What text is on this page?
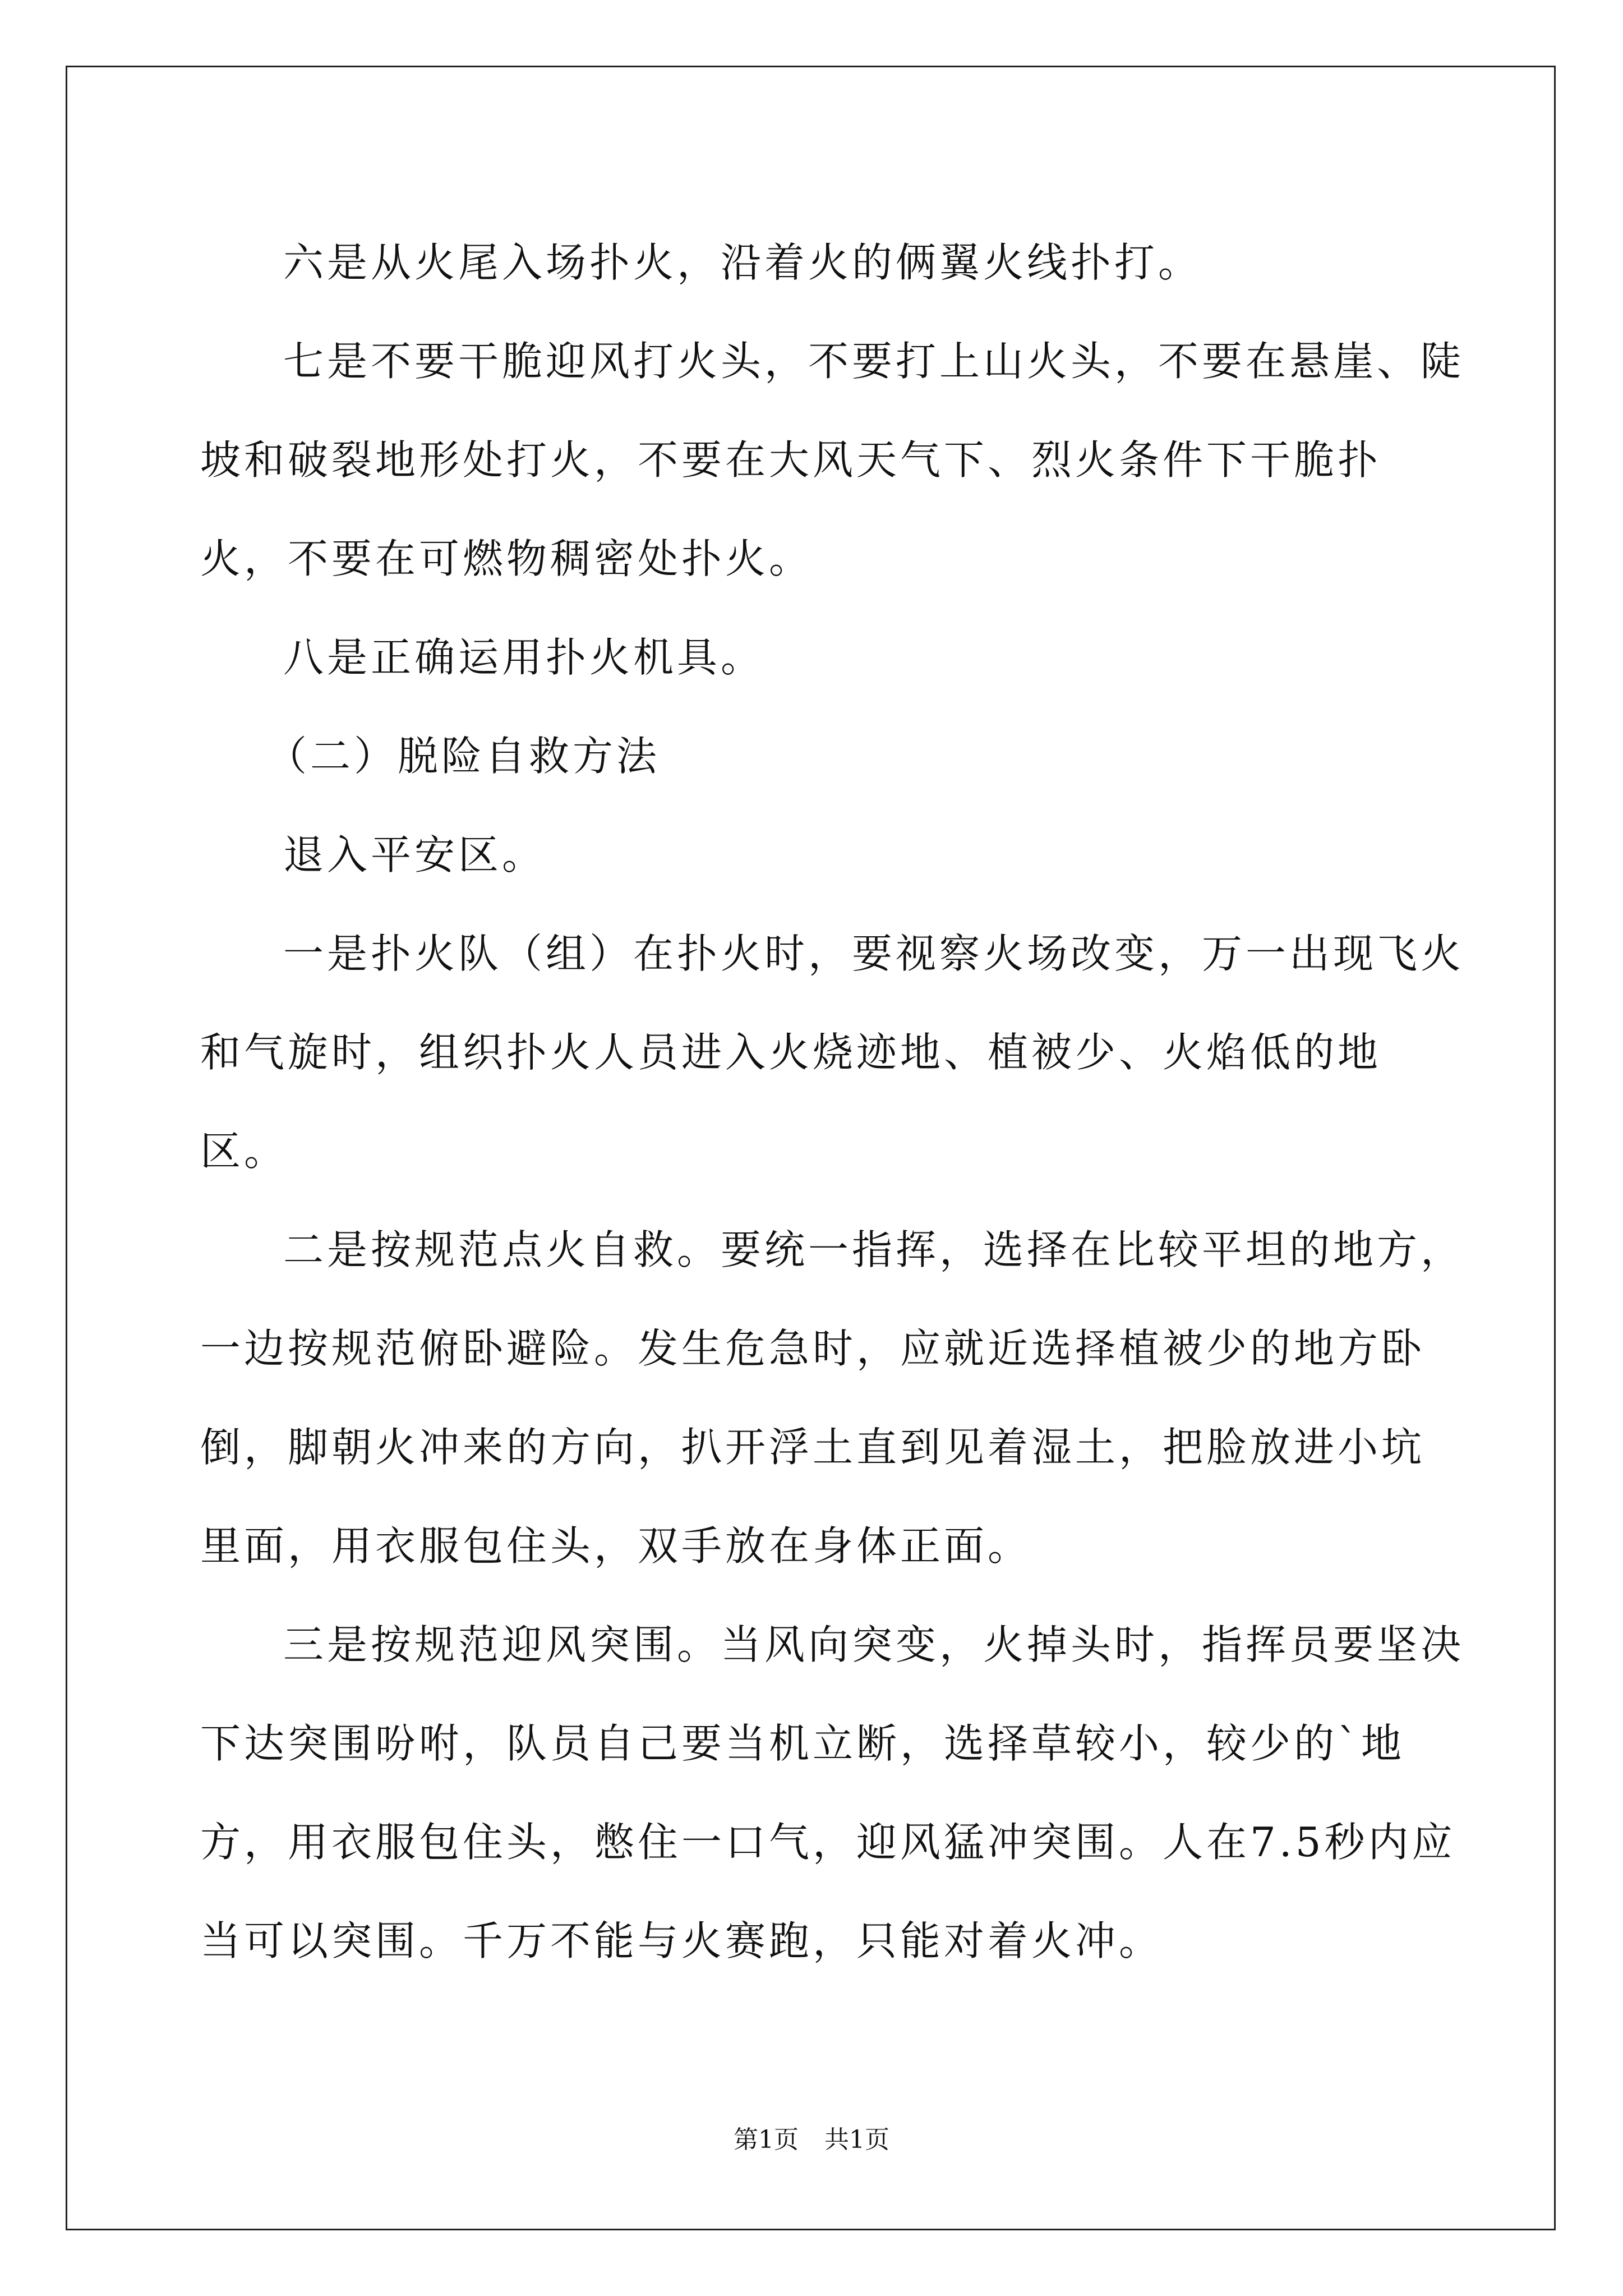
六是从火尾入场扑火，沿着火的俩翼火线扑打。

七是不要干脆迎风打火头，不要打上山火头，不要在悬崖、陡坡和破裂地形处打火，不要在大风天气下、烈火条件下干脆扑火，不要在可燃物稠密处扑火。

八是正确运用扑火机具。

（二）脱险自救方法

退入平安区。

一是扑火队（组）在扑火时，要视察火场改变，万一出现飞火和气旋时，组织扑火人员进入火烧迹地、植被少、火焰低的地区。

二是按规范点火自救。要统一指挥，选择在比较平坦的地方，一边按规范俯卧避险。发生危急时，应就近选择植被少的地方卧倒，脚朝火冲来的方向，扒开浮土直到见着湿土，把脸放进小坑里面，用衣服包住头，双手放在身体正面。

三是按规范迎风突围。当风向突变，火掉头时，指挥员要坚决下达突围吩咐，队员自己要当机立断，选择草较小，较少的`地方，用衣服包住头，憋住一口气，迎风猛冲突围。人在7.5秒内应当可以突围。千万不能与火赛跑，只能对着火冲。

第1页 共1页
